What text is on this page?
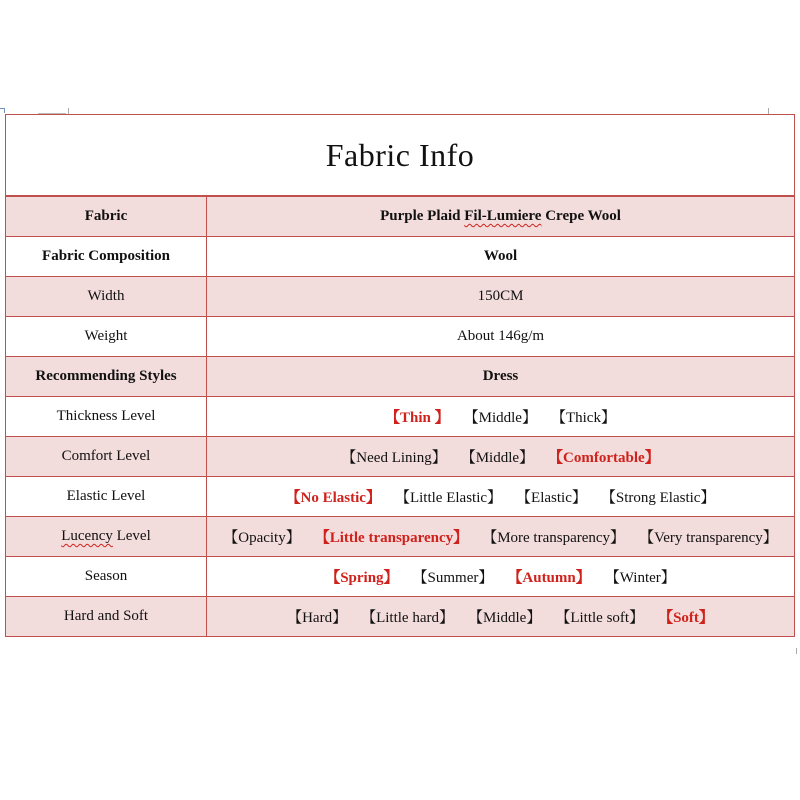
Fabric Info	
Fabric	Purple Plaid Fil-Lumiere Crepe Wool
Fabric Composition	Wool
Width	150CM
Weight	About 146g/m
Recommending Styles	Dress
Thickness Level	【Thin 】 【Middle】 【Thick】
Comfort Level	【Need Lining】 【Middle】 【Comfortable】
Elastic Level	【No Elastic】 【Little Elastic】 【Elastic】 【Strong Elastic】
Lucency Level	【Opacity】 【Little transparency】 【More transparency】 【Very transparency】
Season	【Spring】 【Summer】 【Autumn】 【Winter】
Hard and Soft	【Hard】 【Little hard】 【Middle】 【Little soft】 【Soft】
